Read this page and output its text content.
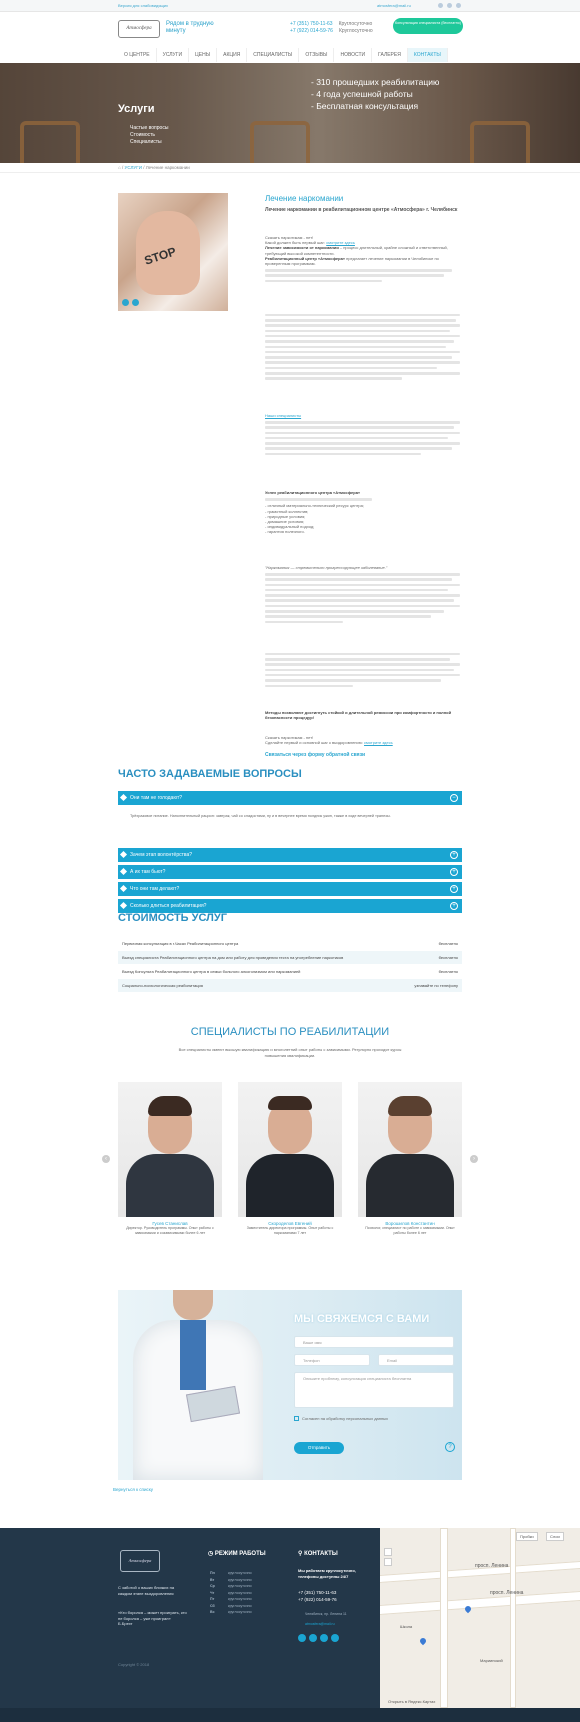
Версия для слабовидящих	atmosfera@mail.ru
Атмосфера
Рядом в трудную минуту
+7 (351) 750-11-63 Круглосуточно
+7 (922) 014-59-76 Круглосуточно
Консультация специалиста (бесплатно)
О ЦЕНТРЕ	УСЛУГИ	ЦЕНЫ	АКЦИЯ	СПЕЦИАЛИСТЫ	ОТЗЫВЫ	НОВОСТИ	ГАЛЕРЕЯ	КОНТАКТЫ
Услуги
Частые вопросы
Стоимость
Специалисты
- 310 прошедших реабилитацию
- 4 года успешной работы
- Бесплатная консультация
⌂ / УСЛУГИ / Лечение наркомании
STOP
Лечение наркомании
Лечение наркомании в реабилитационном центре «Атмосфера» г. Челябинск
Сказать наркотикам - нет!
Какой должен быть первый шаг: смотрите здесь
Лечение зависимости от наркомании – процесс длительный, крайне сложный и ответственный, требующий высокой компетентности.
Реабилитационный центр «Атмосфера» предлагает лечение наркомании в Челябинске по проверенным программам.
Наши специалисты
Успех реабилитационного центра «Атмосфера»
- отличный материально-технический ресурс центра;
- грамотный коллектив;
- природные условия;
- домашние условия;
- индивидуальный подход;
- гарантия полезного.
"Наркомания — стремительно прогрессирующее заболевание."
Методы позволяют достигнуть стойкой и длительной ремиссии при комфортности и полной безопасности процедур!
Сказать наркотикам - нет!
Сделайте первый и основной шаг к выздоровлению: смотрите здесь
Связаться через форму обратной связи
ЧАСТО ЗАДАВАЕМЫЕ ВОПРОСЫ
Они там не голодают?	−
Трёхразовое питание. Наполнительный рацион: завтрак, чай со сладостями, ну и в вечернее время полдник ужин, также в ходе вечерней трапезы.
Зачем этап волонтёрства?	+
А их там бьют?	+
Что они там делают?	+
Сколько длиться реабилитация?	+
СТОИМОСТЬ УСЛУГ
Первичная консультация в г.Часах Реабилитационного центра	бесплатно
Выезд специалиста Реабилитационного центра на дом или работу для проведения теста на употребление наркотиков	бесплатно
Выезд Консульта Реабилитационного центра в семьи больного алкоголизмом или наркоманией	бесплатно
Социально-психологическая реабилитация	узнавайте по телефону
СПЕЦИАЛИСТЫ ПО РЕАБИЛИТАЦИИ
Все специалисты имеют высшую квалификацию и многолетний опыт работы с зависимыми. Регулярно проходят курсы повышения квалификации.
‹	›
Гусев Станислав
Директор. Руководитель программы. Опыт работы с зависимыми и созависимыми более 6 лет
Скороделов Евгений
Заместитель директора программы. Опыт работы с наркоманами 7 лет
Ворошилов Константин
Психолог, специалист по работе с зависимыми. Опыт работы более 6 лет
МЫ СВЯЖЕМСЯ С ВАМИ
Ваше имя
Телефон	Email
Опишите проблему, консультация специалиста бесплатна
Согласен на обработку персональных данных
Отправить	?
Вернуться к списку
Атмосфера
С заботой о ваших близких на
каждом этапе выздоровления
«Кто боролся – может проиграть, кто
не боролся – уже проиграл»
Б.Брехт
Copyright © 2018
◷ РЕЖИМ РАБОТЫ
Пн	круглосуточно
Вт	круглосуточно
Ср	круглосуточно
Чт	круглосуточно
Пт	круглосуточно
Сб	круглосуточно
Вс	круглосуточно
⚲ КОНТАКТЫ
Мы работаем круглосуточно, телефоны доступны 24/7
+7 (351) 750-11-63
+7 (922) 014-59-76
Челябинск, пр. Ленина 11
atmosfera@mail.ru
просп. Ленина
просп. Ленина
Школа
Мариинский
Пробки	Слои
Открыть в Яндекс.Картах
